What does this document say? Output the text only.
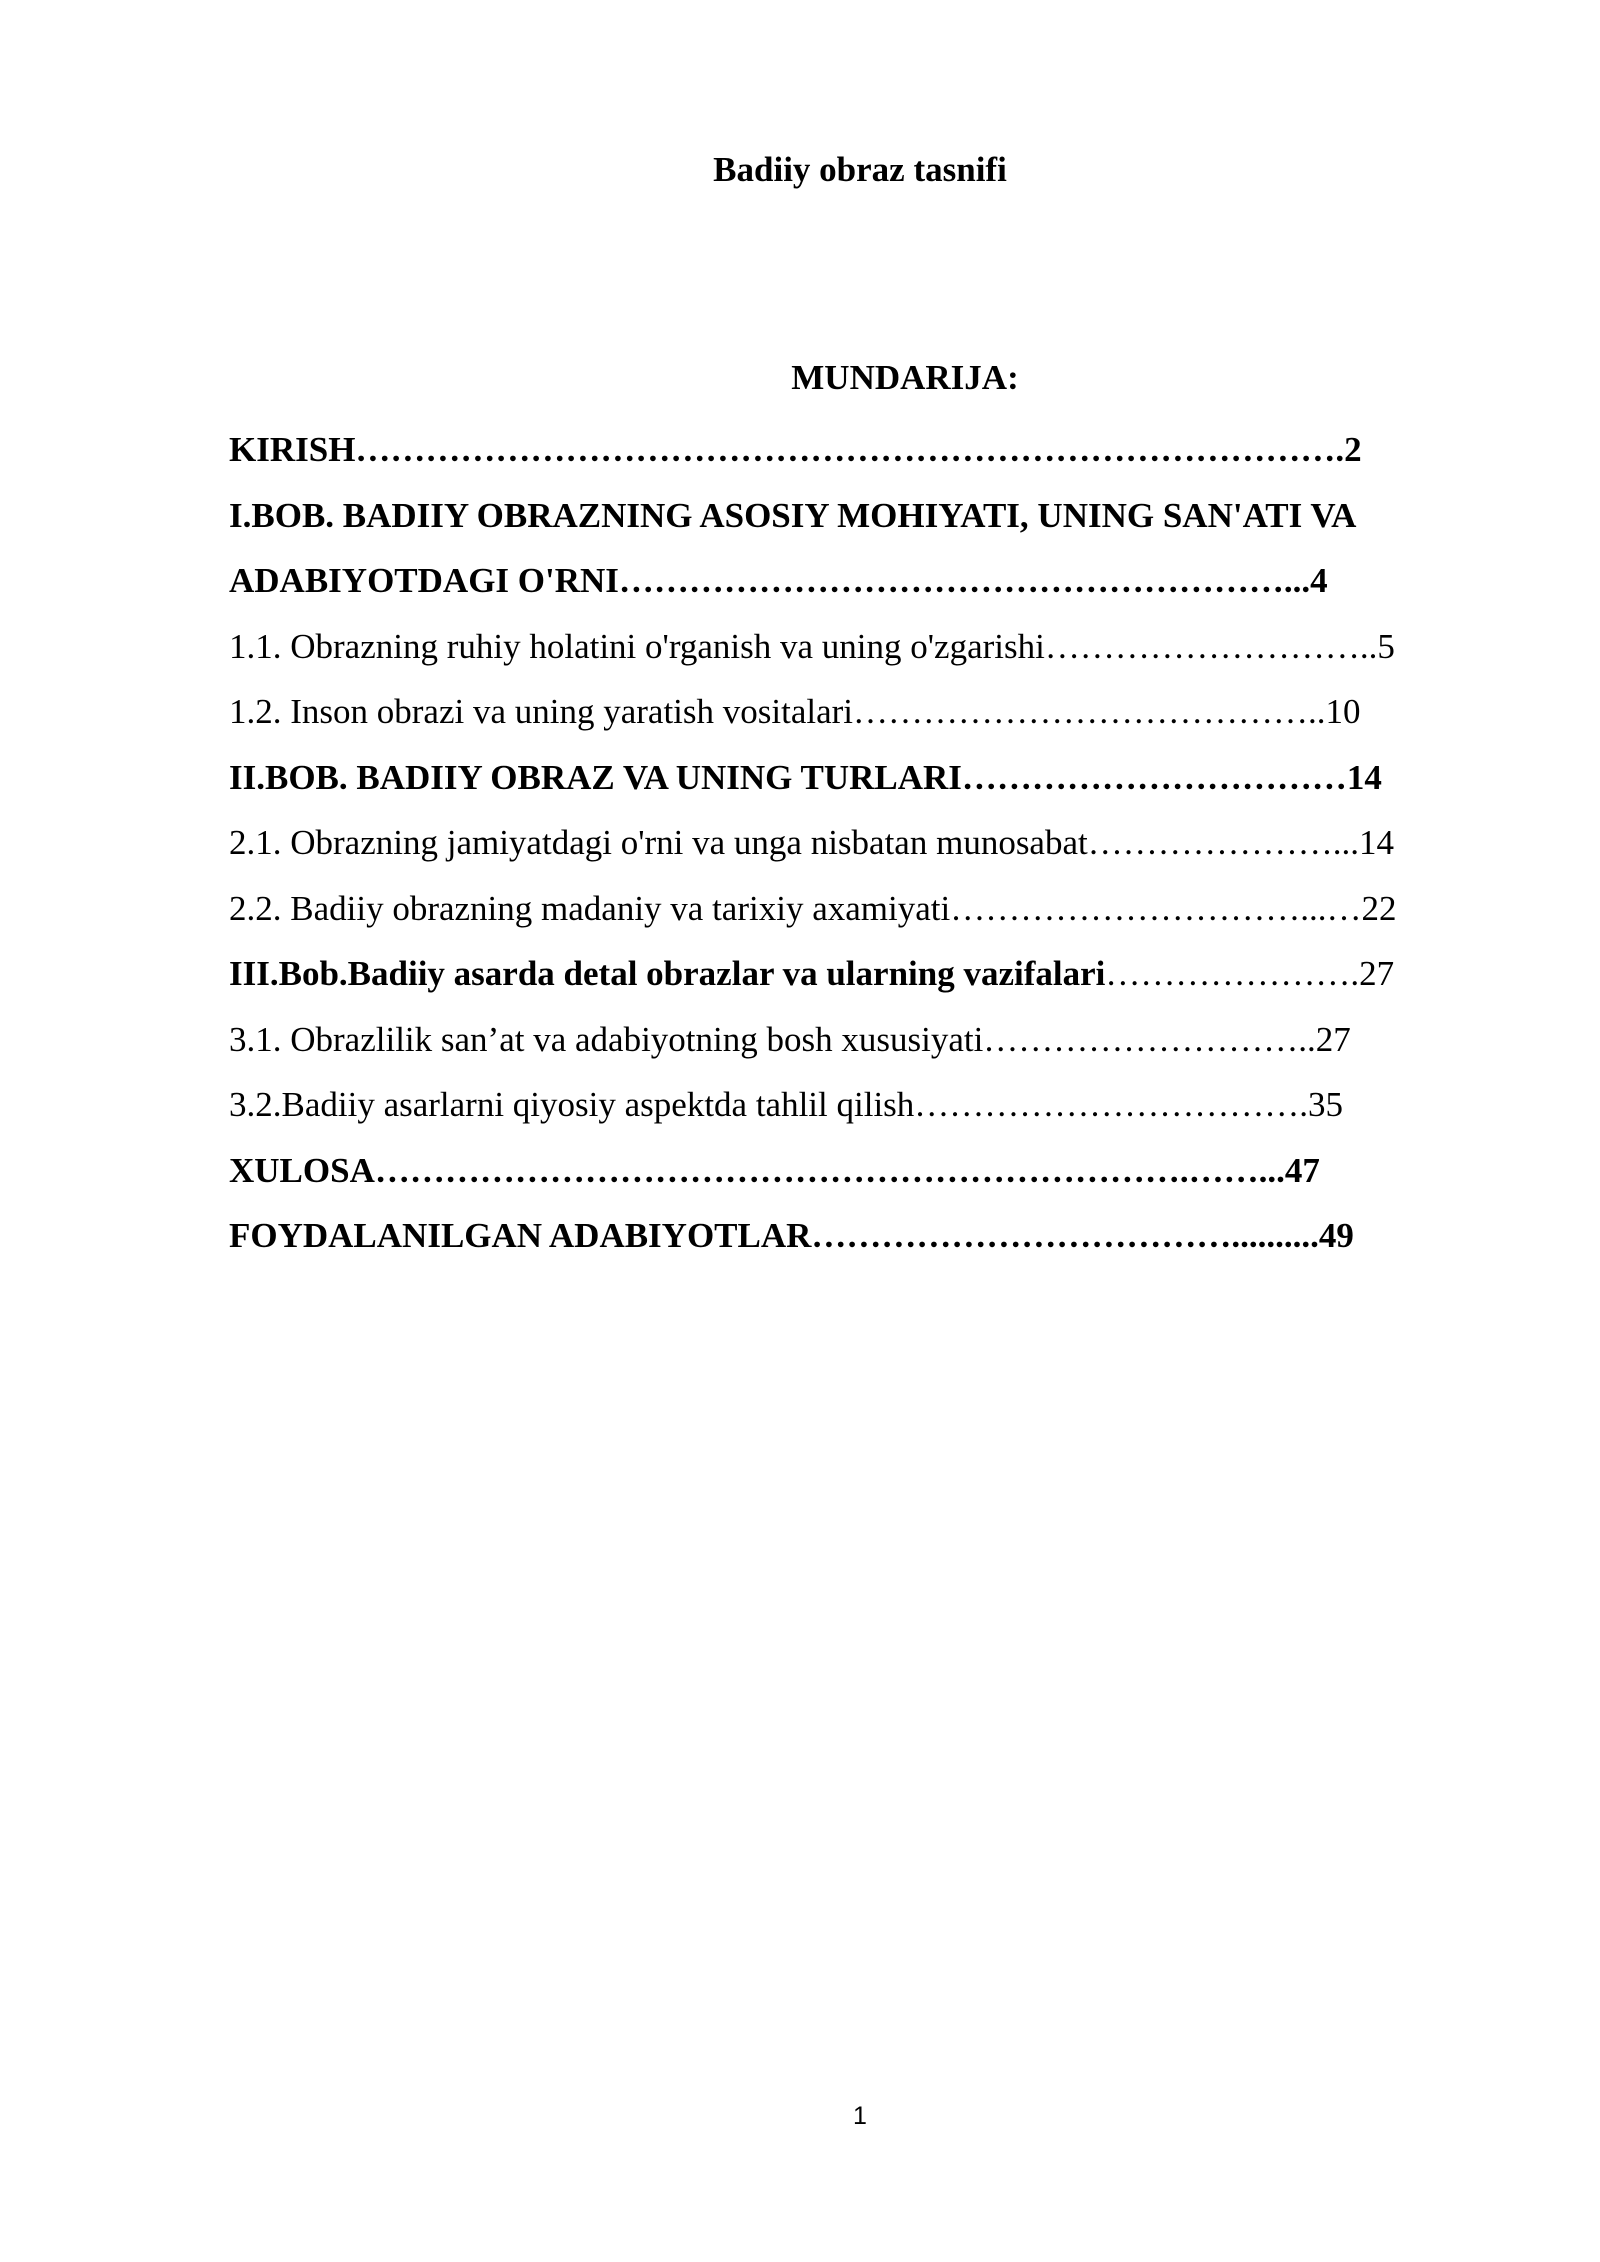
Badiiy obraz tasnifi
MUNDARIJA:
KIRISH………………………………………………………………………….2
I.BOB. BADIIY OBRAZNING ASOSIY MOHIYATI, UNING SAN'ATI VA
ADABIYOTDAGI O'RNI…………………………………………………...4
1.1. Obrazning ruhiy holatini o'rganish va uning o'zgarishi………………………..5
1.2. Inson obrazi va uning yaratish vositalari…………………………………..10
II.BOB. BADIIY OBRAZ VA UNING TURLARI……………………………14
2.1. Obrazning jamiyatdagi o'rni va unga nisbatan munosabat…………………...14
2.2. Badiiy obrazning madaniy va tarixiy axamiyati…………………………...…22
III.Bob.Badiiy asarda detal obrazlar va ularning vazifalari………………….27
3.1. Obrazlilik san’at va adabiyotning bosh xususiyati………………………..27
3.2.Badiiy asarlarni qiyosiy aspektda tahlil qilish…………………………….35
XULOSA…………………………………………………………….……...47
FOYDALANILGAN ADABIYOTLAR………………………………..........49
1
